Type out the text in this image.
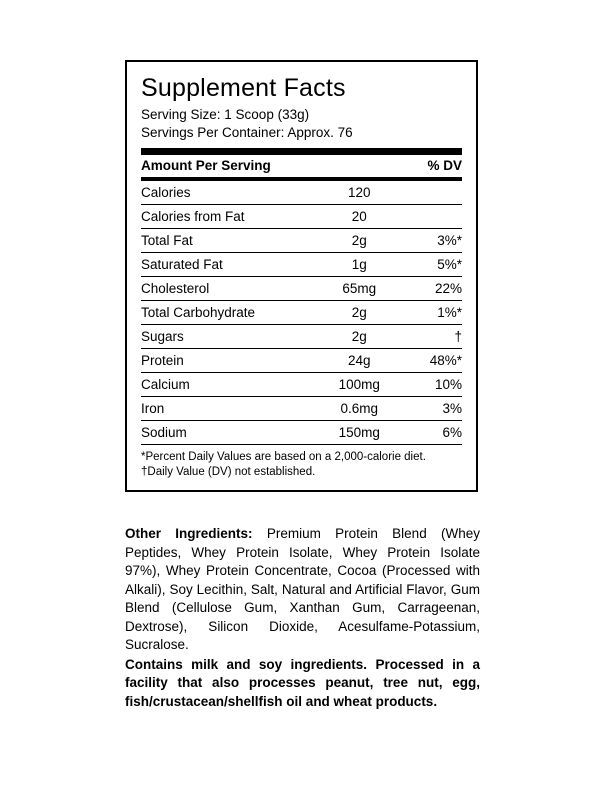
Supplement Facts
Serving Size: 1 Scoop (33g)
Servings Per Container: Approx. 76
Amount Per Serving		% DV
Calories	120	
Calories from Fat	20	
Total Fat	2g	3%*
Saturated Fat	1g	5%*
Cholesterol	65mg	22%
Total Carbohydrate	2g	1%*
Sugars	2g	†
Protein	24g	48%*
Calcium	100mg	10%
Iron	0.6mg	3%
Sodium	150mg	6%
*Percent Daily Values are based on a 2,000-calorie diet.
†Daily Value (DV) not established.
Other Ingredients: Premium Protein Blend (Whey Peptides, Whey Protein Isolate, Whey Protein Isolate 97%), Whey Protein Concentrate, Cocoa (Processed with Alkali), Soy Lecithin, Salt, Natural and Artificial Flavor, Gum Blend (Cellulose Gum, Xanthan Gum, Carrageenan, Dextrose), Silicon Dioxide, Acesulfame-Potassium, Sucralose.
Contains milk and soy ingredients. Processed in a facility that also processes peanut, tree nut, egg, fish/crustacean/shellfish oil and wheat products.
